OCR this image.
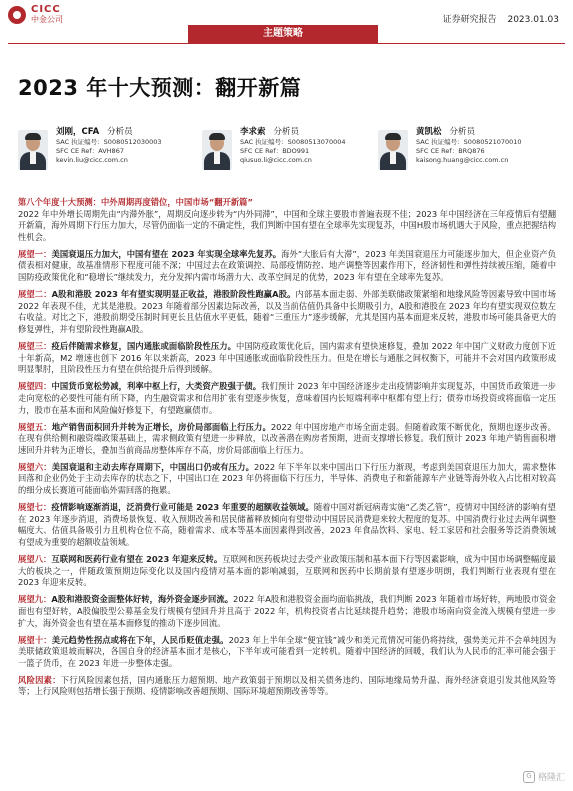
CICC
中金公司	证券研究报告 2023.01.03
主题策略
2023 年十大预测：翻开新篇
刘刚，CFA 分析员
SAC 执证编号：S0080512030003
SFC CE Ref：AVH867
kevin.liu@cicc.com.cn
李求索 分析员
SAC 执证编号：S0080513070004
SFC CE Ref：BDO991
qiusuo.li@cicc.com.cn
黄凯松 分析员
SAC 执证编号：S0080521070010
SFC CE Ref：BRQ876
kaisong.huang@cicc.com.cn
第八个年度十大预测：中外周期再度错位，中国市场“翻开新篇”
2022 年中外增长周期先由“内滞外胀”，周期反向逐步转为“内外同滞”，中国和全球主要股市普遍表现不佳；2023 年中国经济在三年疫情后有望翻开新篇，海外周期下行压力加大，尽管仍面临一定的不确定性，我们判断中国有望在全球率先实现复苏，中国H股市场机遇大于风险，重点把握结构性机会。
展望一：美国衰退压力加大，中国有望在 2023 年实现全球率先复苏。海外“大胀后有大滞”，2023 年美国衰退压力可能逐步加大，但企业资产负债表相对健康，故基准情形下程度可能不深；中国过去在政策调控、局部疫情防控、地产调整等因素作用下，经济韧性和弹性持续被压缩，随着中国防疫政策优化和“稳增长”继续发力，充分发挥内需市场潜力大、改革空间足的优势，2023 年有望在全球率先复苏。
展望二：A股和港股 2023 年有望实现明显正收益，港股阶段性跑赢A股。内部基本面走弱、外部美联储政策紧缩和地缘风险等因素导致中国市场 2022 年表现不佳，尤其是港股。2023 年随着部分因素边际改善，以及当前估值仍具备中长期吸引力，A股和港股在 2023 年均有望实现双位数左右收益。对比之下，港股前期受压制时间更长且估值水平更低，随着“三重压力”逐步缓解，尤其是国内基本面迎来反转，港股市场可能具备更大的修复弹性，并有望阶段性跑赢A股。
展望三：疫后伴随需求修复，国内通胀或面临阶段性压力。中国防疫政策优化后，国内需求有望快速修复，叠加 2022 年中国广义财政力度创下近十年新高，M2 增速也创下 2016 年以来新高，2023 年中国通胀或面临阶段性压力。但是在增长与通胀之间权衡下，可能并不会对国内政策形成明显掣肘，且阶段性压力有望在供给提升后得到缓解。
展望四：中国货币宽松势减，利率中枢上行，大类资产股强于债。我们预计 2023 年中国经济逐步走出疫情影响并实现复苏，中国货币政策进一步走向宽松的必要性可能有所下降，内生融资需求和信用扩张有望逐步恢复，意味着国内长短端利率中枢都有望上行；债券市场投资或将面临一定压力，股市在基本面和风险偏好修复下，有望跑赢债市。
展望五：地产销售面积回升并转为正增长，房价局部面临上行压力。2022 年中国房地产市场全面走弱。但随着政策不断优化，预期也逐步改善。在现有供给侧和融资端政策基础上，需求侧政策有望进一步释放，以改善潜在购房者预期，进而支撑增长修复。我们预计 2023 年地产销售面积增速回升并转为正增长，叠加当前商品房整体库存不高，房价局部面临上行压力。
展望六：美国衰退和主动去库存周期下，中国出口仍或有压力。2022 年下半年以来中国出口下行压力渐现，考虑到美国衰退压力加大，需求整体回落和企业仍处于主动去库存的状态之下，中国出口在 2023 年仍将面临下行压力，半导体、消费电子和新能源车产业链等海外收入占比相对较高的细分成长赛道可能面临外需回落的拖累。
展望七：疫情影响逐渐消退，泛消费行业可能是 2023 年重要的超额收益领域。随着中国对新冠病毒实施“乙类乙管”，疫情对中国经济的影响有望在 2023 年逐步消退，消费场景恢复、收入预期改善和居民储蓄释放倾向有望带动中国居民消费迎来较大程度的复苏。中国消费行业过去两年调整幅度大、估值具备吸引力且机构仓位不高，随着需求、成本等基本面因素得到改善，2023 年食品饮料、家电、轻工家居和社会服务等泛消费领域有望成为重要的超额收益领域。
展望八：互联网和医药行业有望在 2023 年迎来反转。互联网和医药板块过去受产业政策压制和基本面下行等因素影响，成为中国市场调整幅度最大的板块之一，伴随政策预期边际变化以及国内疫情对基本面的影响减弱，互联网和医药中长期前景有望逐步明朗，我们判断行业表现有望在 2023 年迎来反转。
展望九：A股和港股资金面整体好转，海外资金逐步回流。2022 年A股和港股资金面均面临挑战，我们判断 2023 年随着市场好转，两地股市资金面也有望好转，A股偏股型公募基金发行规模有望回升并且高于 2022 年，机构投资者占比延续提升趋势；港股市场南向资金流入规模有望进一步扩大，海外资金也有望在基本面修复的推动下逐步回流。
展望十：美元趋势性拐点或将在下年，人民币贬值走强。2023 年上半年全球“便宜钱”减少和美元荒情况可能仍将持续，强势美元并不会单纯因为美联储政策退坡而解决，各国自身的经济基本面才是核心，下半年或可能看到一定转机。随着中国经济的回暖，我们认为人民币的汇率可能会强于一篮子货币，在 2023 年进一步整体走强。
风险因素：下行风险因素包括，国内通胀压力超预期、地产政策弱于预期以及相关债务违约、国际地缘局势升温、海外经济衰退引发其他风险等等；上行风险则包括增长强于预期、疫情影响改善超预期、国际环境超预期改善等等。
G 格隆汇
